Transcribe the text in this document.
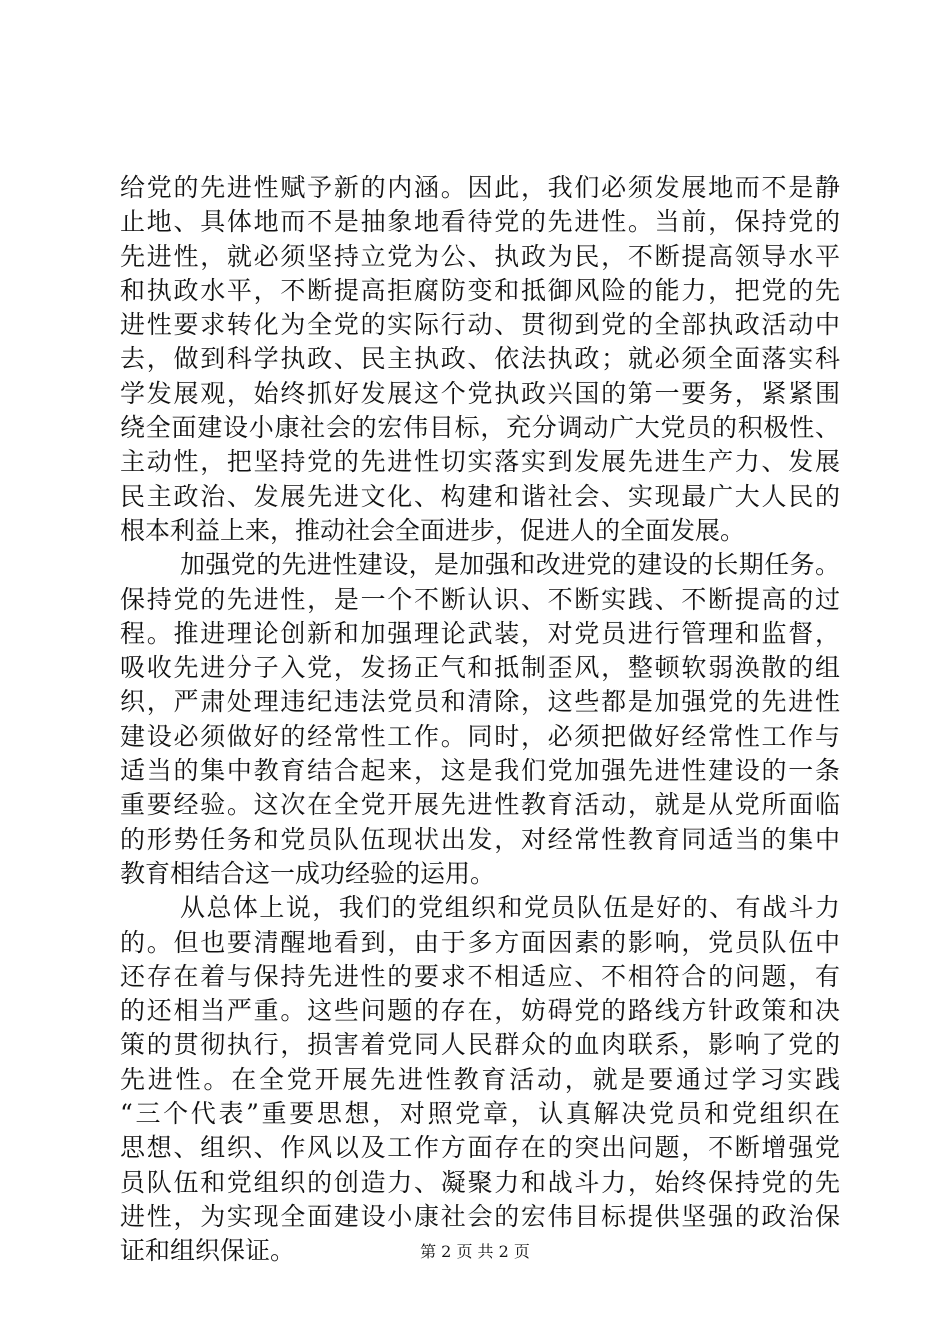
给党的先进性赋予新的内涵。因此，我们必须发展地而不是静
止地、具体地而不是抽象地看待党的先进性。当前，保持党的
先进性，就必须坚持立党为公、执政为民，不断提高领导水平
和执政水平，不断提高拒腐防变和抵御风险的能力，把党的先
进性要求转化为全党的实际行动、贯彻到党的全部执政活动中
去，做到科学执政、民主执政、依法执政；就必须全面落实科
学发展观，始终抓好发展这个党执政兴国的第一要务，紧紧围
绕全面建设小康社会的宏伟目标，充分调动广大党员的积极性、
主动性，把坚持党的先进性切实落实到发展先进生产力、发展
民主政治、发展先进文化、构建和谐社会、实现最广大人民的
根本利益上来，推动社会全面进步，促进人的全面发展。
加强党的先进性建设，是加强和改进党的建设的长期任务。
保持党的先进性，是一个不断认识、不断实践、不断提高的过
程。推进理论创新和加强理论武装，对党员进行管理和监督，
吸收先进分子入党，发扬正气和抵制歪风，整顿软弱涣散的组
织，严肃处理违纪违法党员和清除，这些都是加强党的先进性
建设必须做好的经常性工作。同时，必须把做好经常性工作与
适当的集中教育结合起来，这是我们党加强先进性建设的一条
重要经验。这次在全党开展先进性教育活动，就是从党所面临
的形势任务和党员队伍现状出发，对经常性教育同适当的集中
教育相结合这一成功经验的运用。
从总体上说，我们的党组织和党员队伍是好的、有战斗力
的。但也要清醒地看到，由于多方面因素的影响，党员队伍中
还存在着与保持先进性的要求不相适应、不相符合的问题，有
的还相当严重。这些问题的存在，妨碍党的路线方针政策和决
策的贯彻执行，损害着党同人民群众的血肉联系，影响了党的
先进性。在全党开展先进性教育活动，就是要通过学习实践
“三个代表”重要思想，对照党章，认真解决党员和党组织在
思想、组织、作风以及工作方面存在的突出问题，不断增强党
员队伍和党组织的创造力、凝聚力和战斗力，始终保持党的先
进性，为实现全面建设小康社会的宏伟目标提供坚强的政治保
证和组织保证。	第 2 页 共 2 页
